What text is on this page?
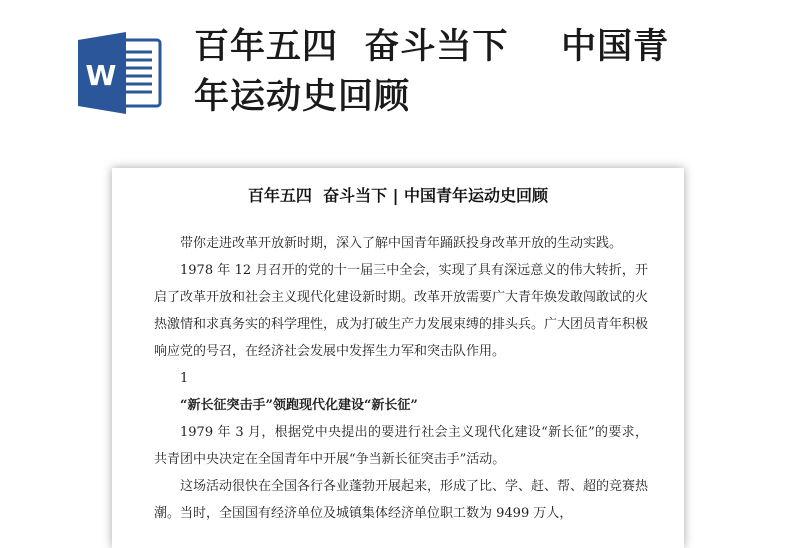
W
百年五四  奋斗当下    中国青
年运动史回顾
百年五四  奋斗当下 | 中国青年运动史回顾

带你走进改革开放新时期，深入了解中国青年踊跃投身改革开放的生动实践。

1978 年 12 月召开的党的十一届三中全会，实现了具有深远意义的伟大转折，开启了改革开放和社会主义现代化建设新时期。改革开放需要广大青年焕发敢闯敢试的火热激情和求真务实的科学理性，成为打破生产力发展束缚的排头兵。广大团员青年积极响应党的号召，在经济社会发展中发挥生力军和突击队作用。

1

“新长征突击手”领跑现代化建设“新长征”

1979 年 3 月，根据党中央提出的要进行社会主义现代化建设“新长征”的要求，共青团中央决定在全国青年中开展“争当新长征突击手”活动。

这场活动很快在全国各行各业蓬勃开展起来，形成了比、学、赶、帮、超的竞赛热潮。当时，全国国有经济单位及城镇集体经济单位职工数为 9499 万人，
